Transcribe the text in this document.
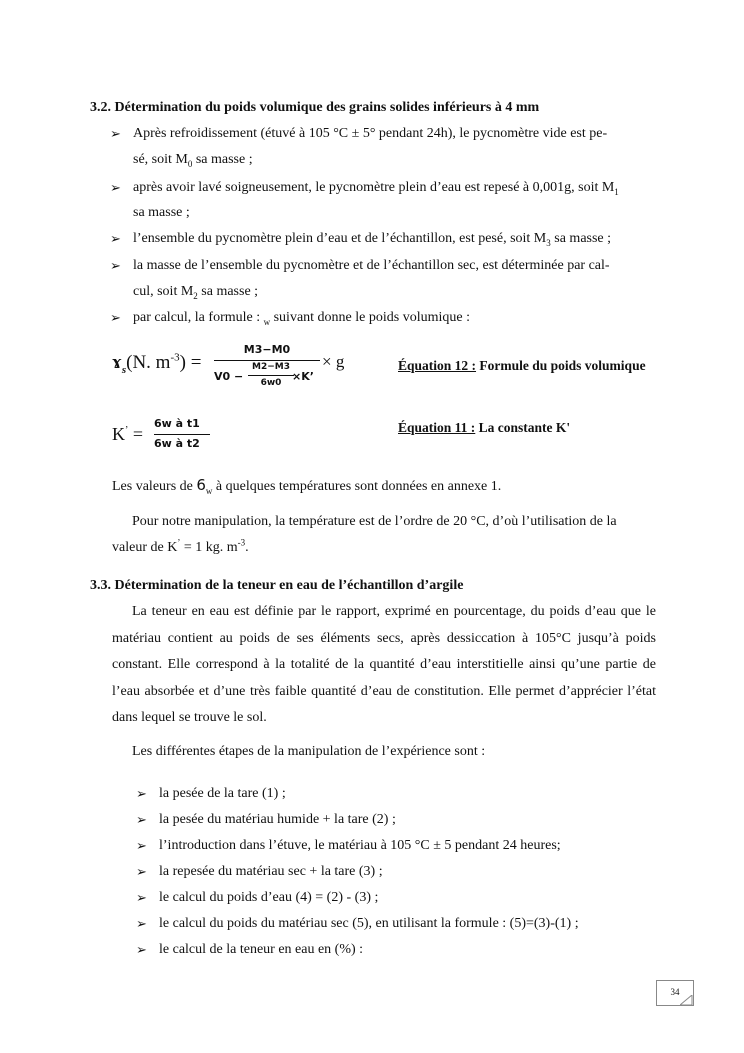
3.2. Détermination du poids volumique des grains solides inférieurs à 4 mm
➢ Après refroidissement (étuvé à 105 °C ± 5° pendant 24h), le pycnomètre vide est pe-
sé, soit $M_0$ sa masse ;
➢ après avoir lavé soigneusement, le pycnomètre plein d’eau est repesé à 0,001g, soit $M_1$
sa masse ;
➢ l’ensemble du pycnomètre plein d’eau et de l’échantillon, est pesé, soit $M_3$ sa masse ;
➢ la masse de l’ensemble du pycnomètre et de l’échantillon sec, est déterminée par cal-
cul, soit $M_2$ sa masse ;
➢ par calcul, la formule : $_w$ suivant donne le poids volumique :
ɤ$_s$(N. $m^{-3}$) =
M3−M0
V0 −
M2−M3
6w0 ×K’
× g	Équation 12 : Formule du poids volumique
K’ =
6w à t1
6w à t2
Équation 11 : La constante K'
Les valeurs de $6_w$ à quelques températures sont données en annexe 1.
Pour notre manipulation, la température est de l’ordre de 20 °C, d’où l’utilisation de la
valeur de K’ = 1 kg. $m^{-3}$.
3.3. Détermination de la teneur en eau de l’échantillon d’argile
La teneur en eau est définie par le rapport, exprimé en pourcentage, du poids d’eau que le matériau contient au poids de ses éléments secs, après dessiccation à 105°C jusqu’à poids constant. Elle correspond à la totalité de la quantité d’eau interstitielle ainsi qu’une partie de l’eau absorbée et d’une très faible quantité d’eau de constitution. Elle permet d’apprécier l’état dans lequel se trouve le sol.
Les différentes étapes de la manipulation de l’expérience sont :
➢ la pesée de la tare (1) ;
➢ la pesée du matériau humide + la tare (2) ;
➢ l’introduction dans l’étuve, le matériau à 105 °C ± 5 pendant 24 heures;
➢ la repesée du matériau sec + la tare (3) ;
➢ le calcul du poids d’eau (4) = (2) - (3) ;
➢ le calcul du poids du matériau sec (5), en utilisant la formule : (5)=(3)-(1) ;
➢ le calcul de la teneur en eau en (%) :
34
